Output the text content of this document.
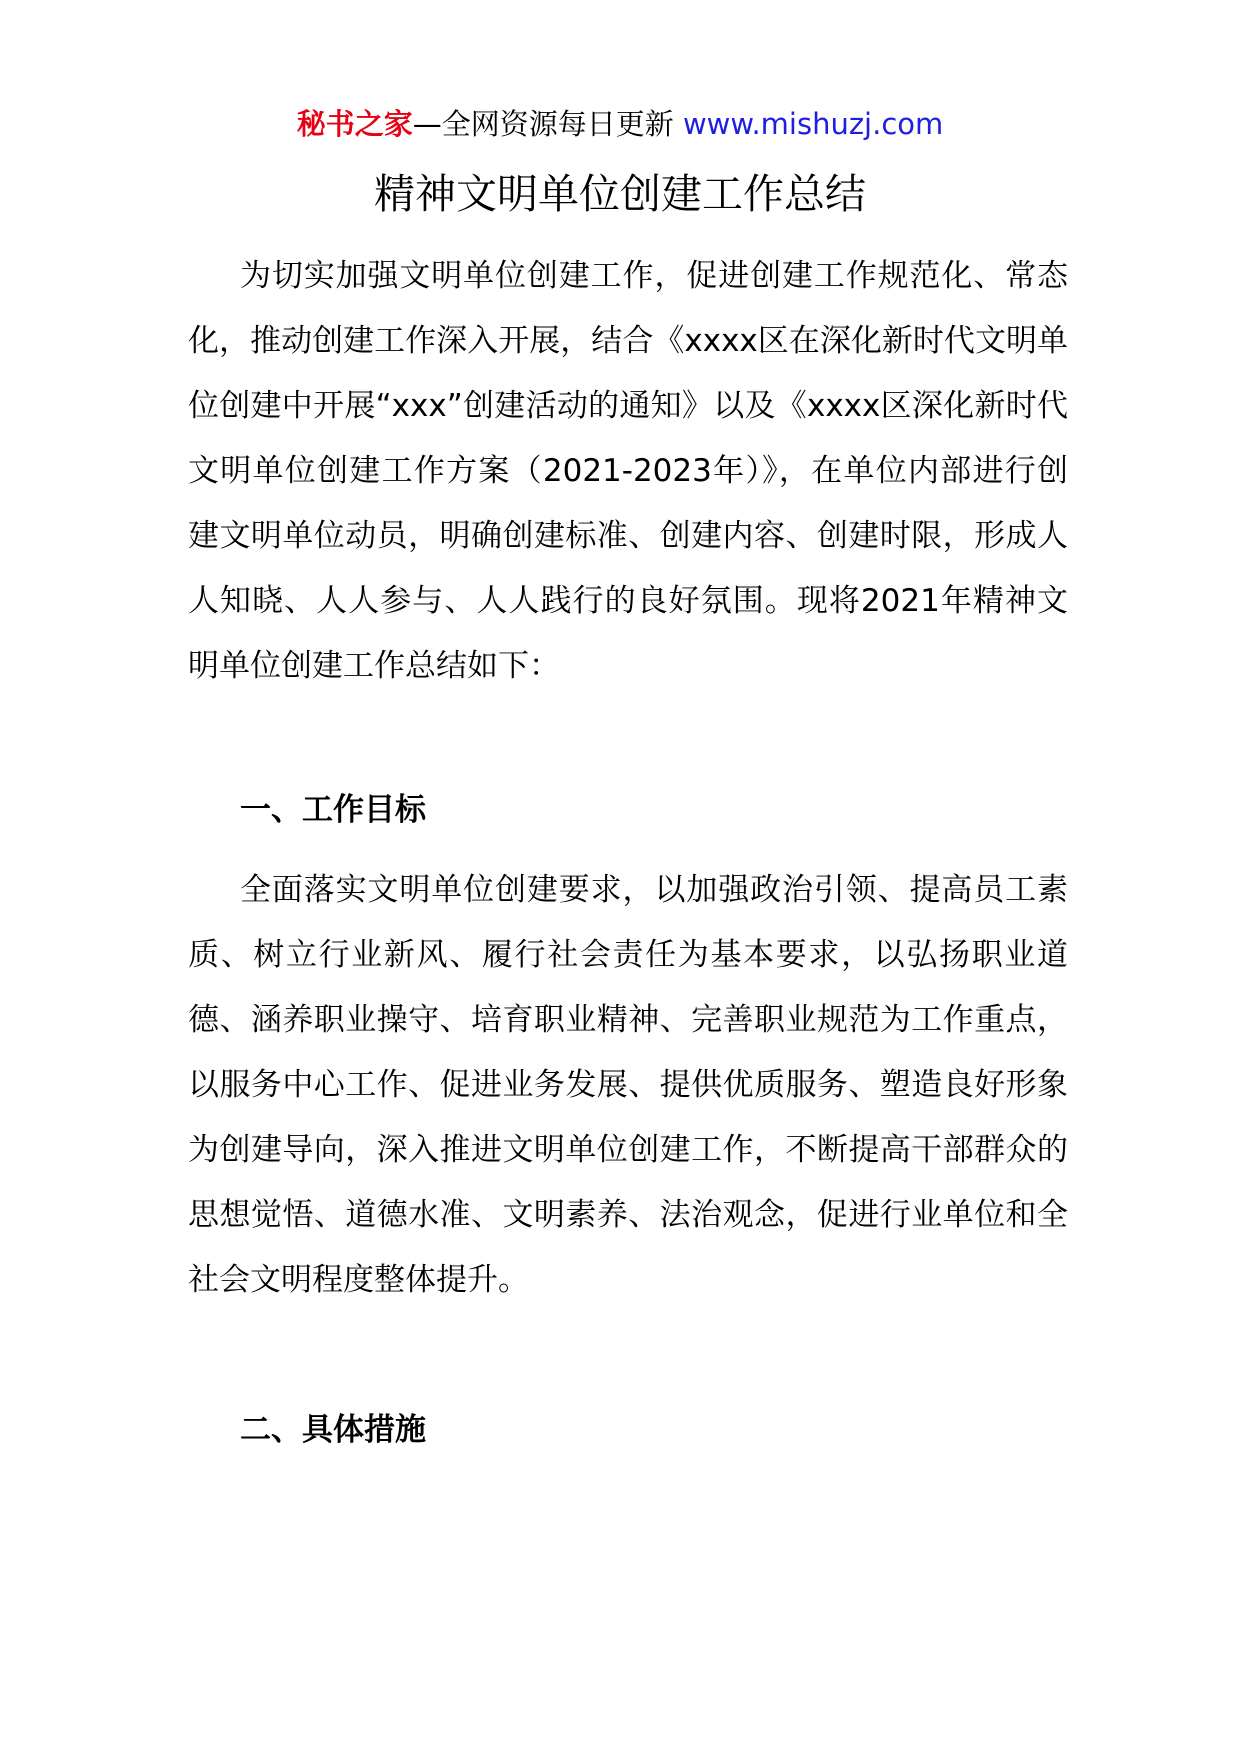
秘书之家—全网资源每日更新 www.mishuzj.com
精神文明单位创建工作总结

为切实加强文明单位创建工作，促进创建工作规范化、常态化，推动创建工作深入开展，结合《xxxx区在深化新时代文明单位创建中开展“xxx”创建活动的通知》以及《xxxx区深化新时代文明单位创建工作方案（2021-2023年）》，在单位内部进行创建文明单位动员，明确创建标准、创建内容、创建时限，形成人人知晓、人人参与、人人践行的良好氛围。现将2021年精神文明单位创建工作总结如下：

一、工作目标

全面落实文明单位创建要求，以加强政治引领、提高员工素质、树立行业新风、履行社会责任为基本要求，以弘扬职业道德、涵养职业操守、培育职业精神、完善职业规范为工作重点，以服务中心工作、促进业务发展、提供优质服务、塑造良好形象为创建导向，深入推进文明单位创建工作，不断提高干部群众的思想觉悟、道德水准、文明素养、法治观念，促进行业单位和全社会文明程度整体提升。

二、具体措施
